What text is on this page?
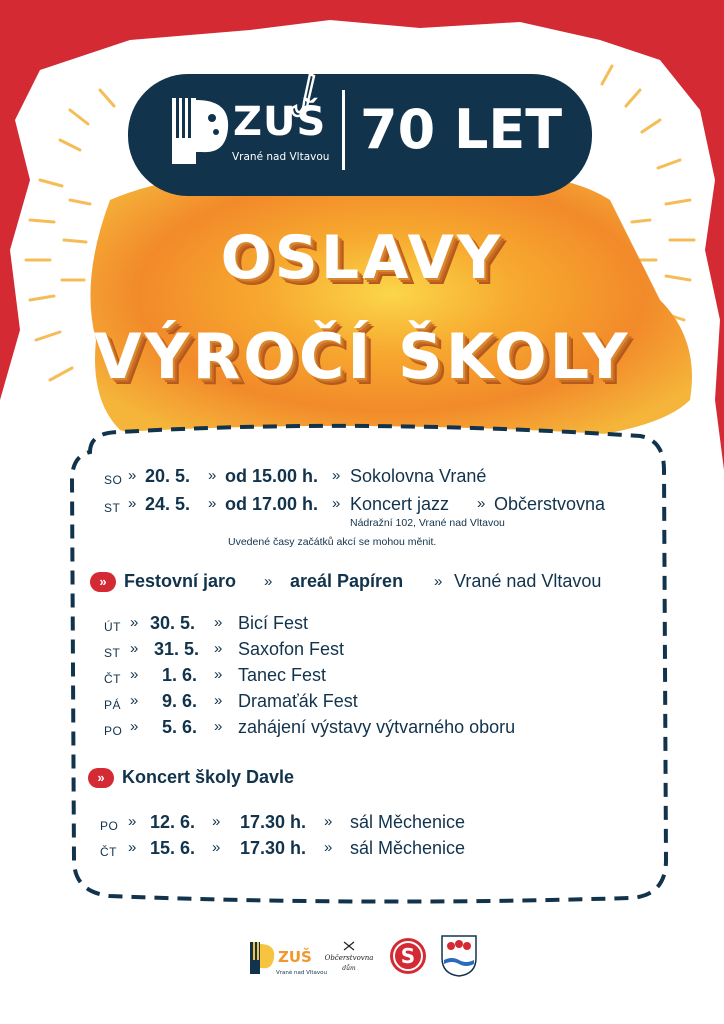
ZUŠ
Vrané nad Vltavou 70 LET
OSLAVY
VÝROČÍ ŠKOLY
SO » 20. 5. » od 15.00 h. » Sokolovna Vrané
ST » 24. 5. » od 17.00 h. » Koncert jazz » Občerstvovna
Nádražní 102, Vrané nad Vltavou
Uvedené časy začátků akcí se mohou měnit.
» Festovní jaro » areál Papíren » Vrané nad Vltavou
ÚT » 30. 5. » Bicí Fest
ST » 31. 5. » Saxofon Fest
ČT » 1. 6. » Tanec Fest
PÁ » 9. 6. » Dramaťák Fest
PO » 5. 6. » zahájení výstavy výtvarného oboru
» Koncert školy Davle
PO » 12. 6. » 17.30 h. » sál Měchenice
ČT » 15. 6. » 17.30 h. » sál Měchenice
ZUŠ
Vrané nad Vltavou
Občerstvovna
dům
S
